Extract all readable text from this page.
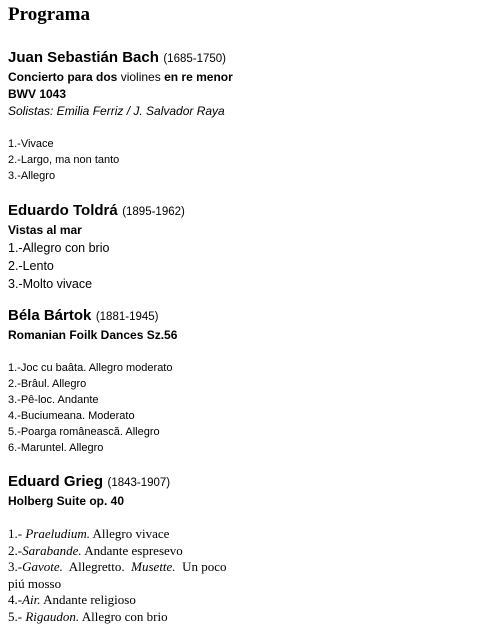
Programa
Juan Sebastián Bach (1685-1750)
Concierto para dos violines en re menor
BWV 1043
Solistas: Emilia Ferriz / J. Salvador Raya
1.-Vivace
2.-Largo, ma non tanto
3.-Allegro
Eduardo Toldrá (1895-1962)
Vistas al mar
1.-Allegro con brio
2.-Lento
3.-Molto vivace
Béla Bártok (1881-1945)
Romanian Foilk Dances Sz.56
1.-Joc cu baâta. Allegro moderato
2.-Brâul. Allegro
3.-Pê-loc. Andante
4.-Buciumeana. Moderato
5.-Poarga românească. Allegro
6.-Maruntel. Allegro
Eduard Grieg (1843-1907)
Holberg Suite op. 40
1.- Praeludium. Allegro vivace
2.-Sarabande. Andante espresevo
3.-Gavote. Allegretto. Musette. Un poco
piú mosso
4.-Air. Andante religioso
5.- Rigaudon. Allegro con brio
